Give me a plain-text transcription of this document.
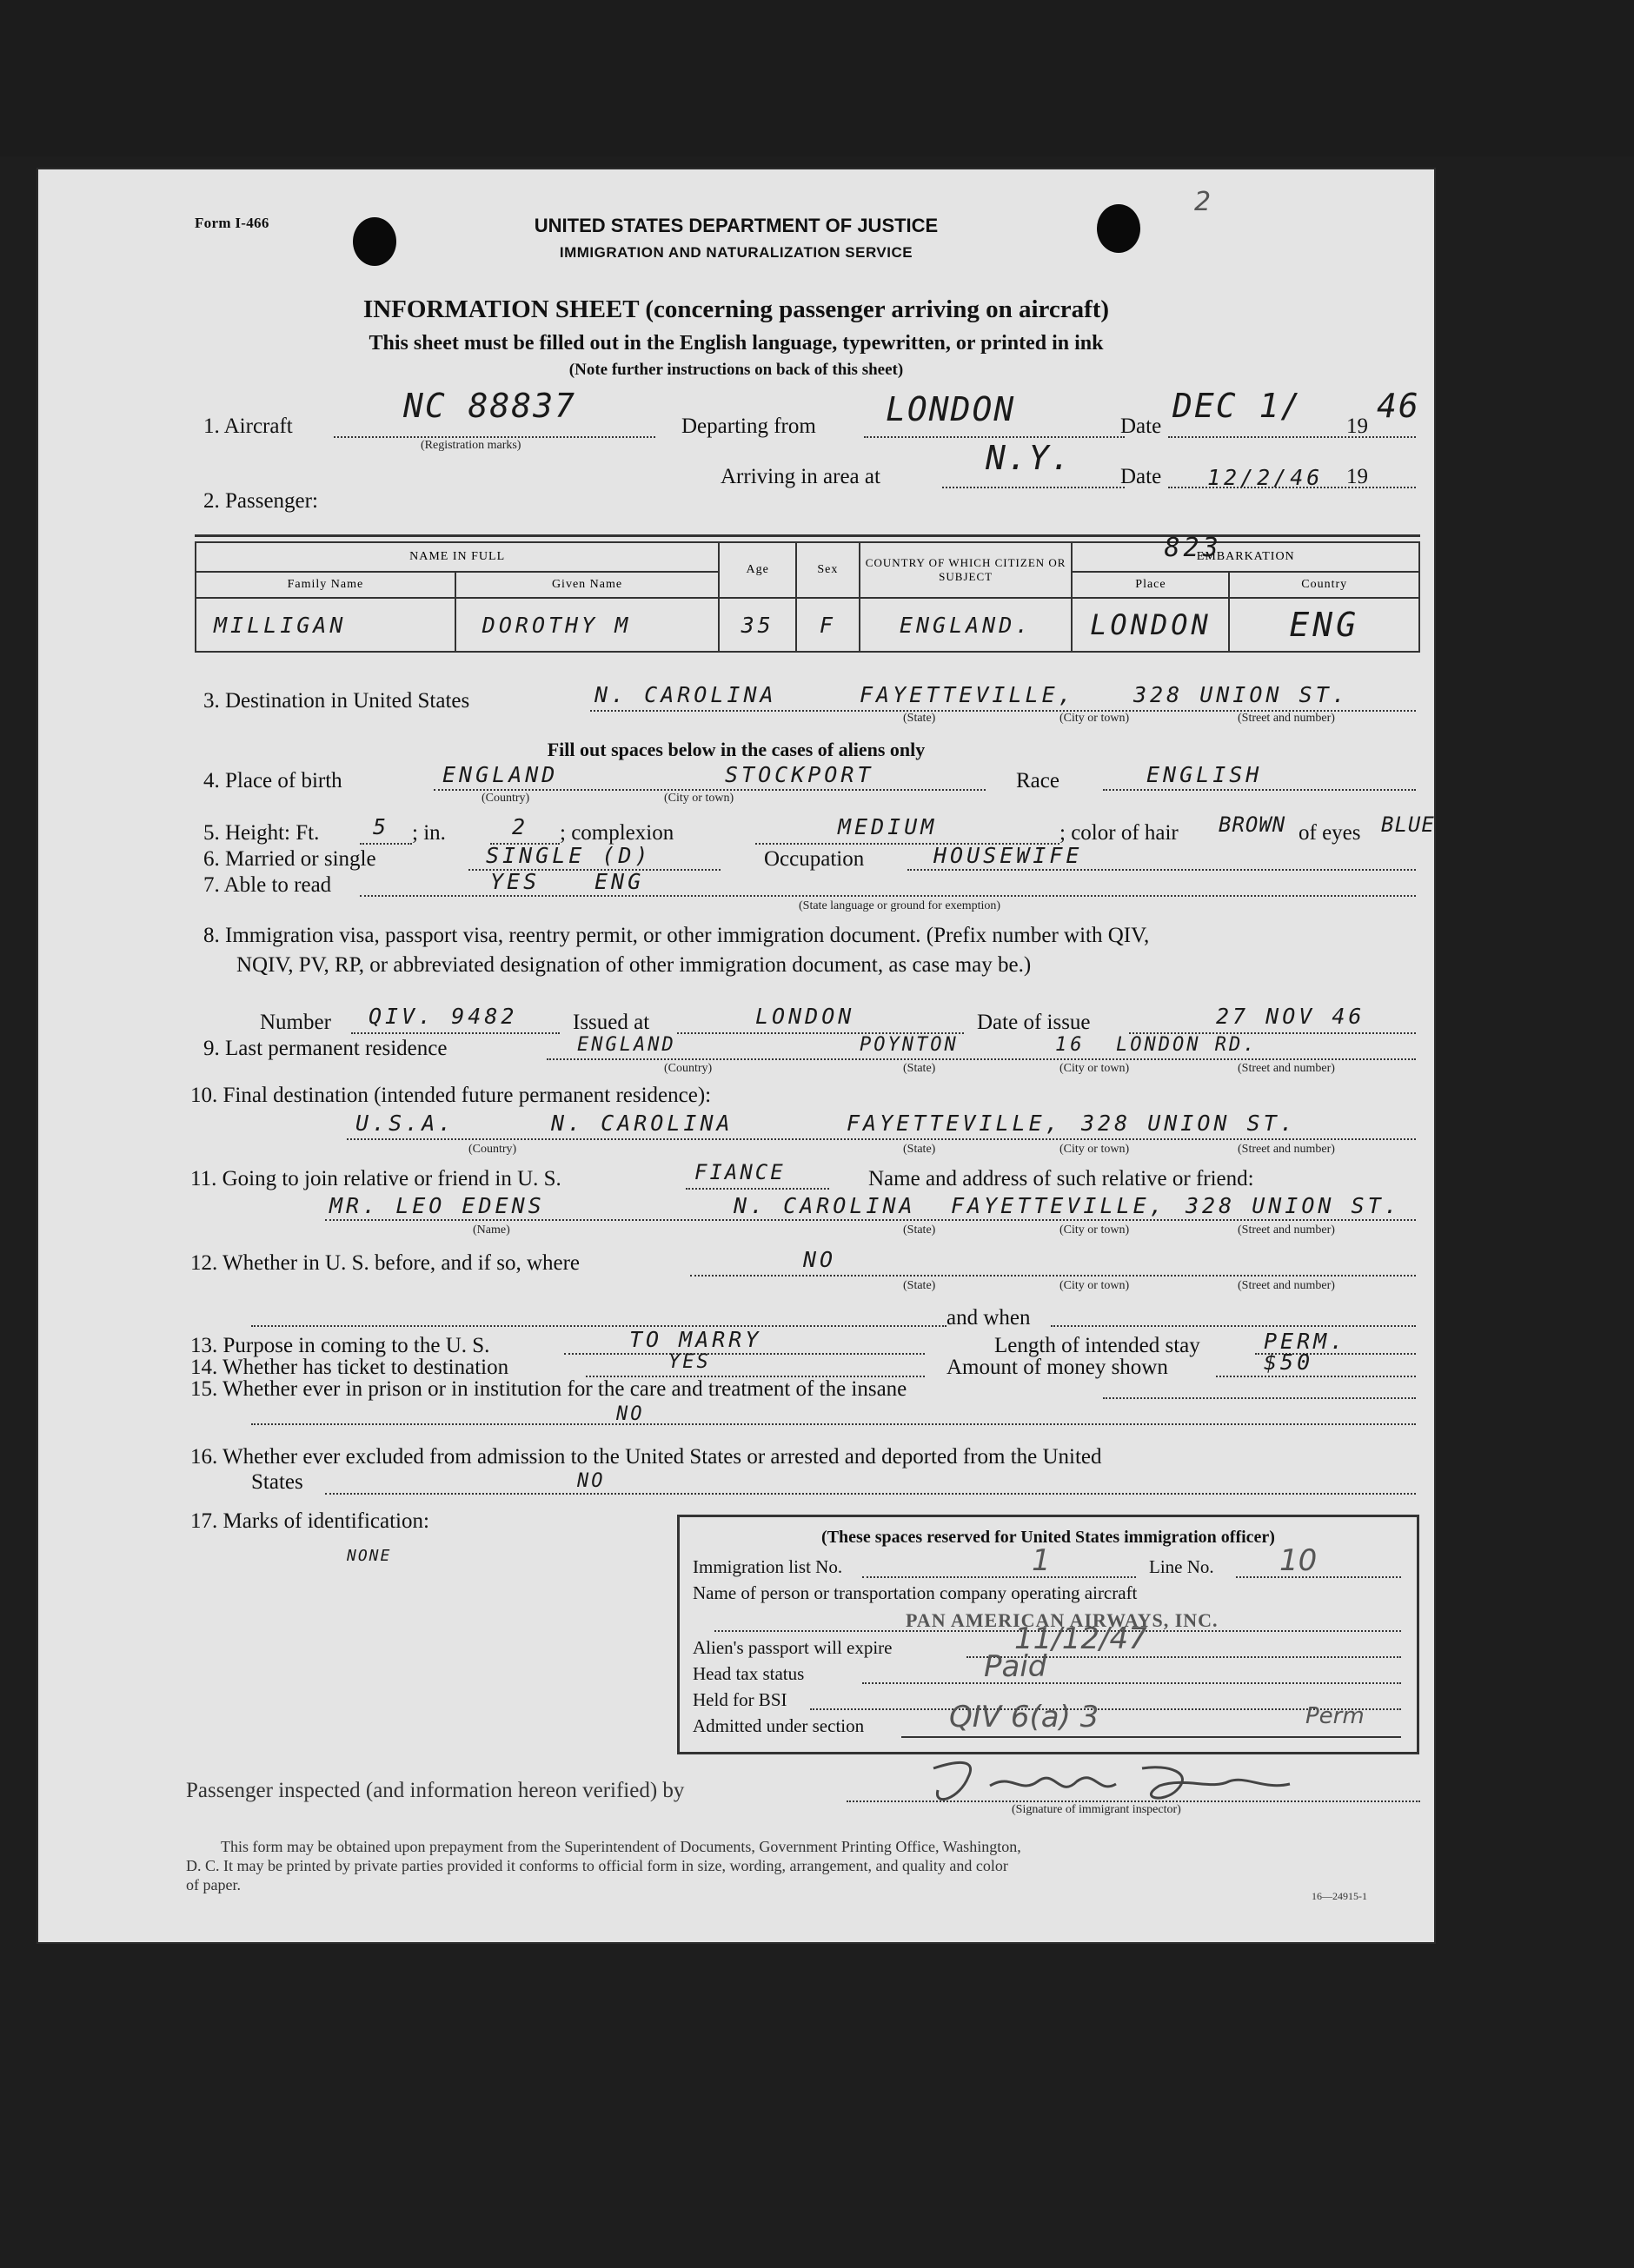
Form I-466
2
UNITED STATES DEPARTMENT OF JUSTICE
IMMIGRATION AND NATURALIZATION SERVICE
INFORMATION SHEET (concerning passenger arriving on aircraft)
This sheet must be filled out in the English language, typewritten, or printed in ink
(Note further instructions on back of this sheet)
1. Aircraft
NC 88837
(Registration marks)
Departing from LONDON	Date
DEC 1/
19
46
Arriving in area at	N.Y. Date 12/2/46 19
2. Passenger:
NAME IN FULL		Age	Sex	COUNTRY OF WHICH CITIZEN OR SUBJECT	EMBARKATION
823	

Family Name	Given Name				Place	Country
MILLIGAN	DOROTHY M	35	F	ENGLAND.	LONDON	ENG
3. Destination in United States	N. CAROLINA	FAYETTEVILLE,	328 UNION ST.
(State)	(City or town)	(Street and number)
Fill out spaces below in the cases of aliens only
4. Place of birth	ENGLAND	STOCKPORT
(Country)	(City or town)
Race	ENGLISH
5. Height: Ft. 5 ; in.	2 ; complexion	MEDIUM	; color of hair BROWN of eyes BLUE
6. Married or single	SINGLE (D)	Occupation	HOUSEWIFE
7. Able to read	YES	ENG
(State language or ground for exemption)
8. Immigration visa, passport visa, reentry permit, or other immigration document. (Prefix number with QIV,
NQIV, PV, RP, or abbreviated designation of other immigration document, as case may be.)
Number QIV. 9482	Issued at	LONDON	Date of issue	27 NOV 46
9. Last permanent residence	ENGLAND	POYNTON	16 LONDON RD.
(Country)	(State)	(City or town)	(Street and number)
10. Final destination (intended future permanent residence):
U.S.A.	N. CAROLINA	FAYETTEVILLE, 328 UNION ST.
(Country)	(State)	(City or town)	(Street and number)
11. Going to join relative or friend in U. S.	FIANCE	Name and address of such relative or friend:
MR. LEO EDENS	N. CAROLINA FAYETTEVILLE, 328 UNION ST.
(Name)	(State)	(City or town)	(Street and number)
12. Whether in U. S. before, and if so, where	NO
(State)	(City or town)	(Street and number)
and when
13. Purpose in coming to the U. S.	TO MARRY	Length of intended stay	PERM.
14. Whether has ticket to destination	YES	Amount of money shown	$50
15. Whether ever in prison or in institution for the care and treatment of the insane
NO
16. Whether ever excluded from admission to the United States or arrested and deported from the United
States	NO
17. Marks of identification:
NONE
(These spaces reserved for United States immigration officer)
Immigration list No.	1	Line No. 10
Name of person or transportation company operating aircraft
PAN AMERICAN AIRWAYS, INC.
Alien's passport will expire	11/12/47
Head tax status	Paid
Held for BSI
Admitted under section	QIV 6(a) 3	Perm
Passenger inspected (and information hereon verified) by
(Signature of immigrant inspector)
This form may be obtained upon prepayment from the Superintendent of Documents, Government Printing Office, Washington,
D. C. It may be printed by private parties provided it conforms to official form in size, wording, arrangement, and quality and color
of paper.
16—24915-1
